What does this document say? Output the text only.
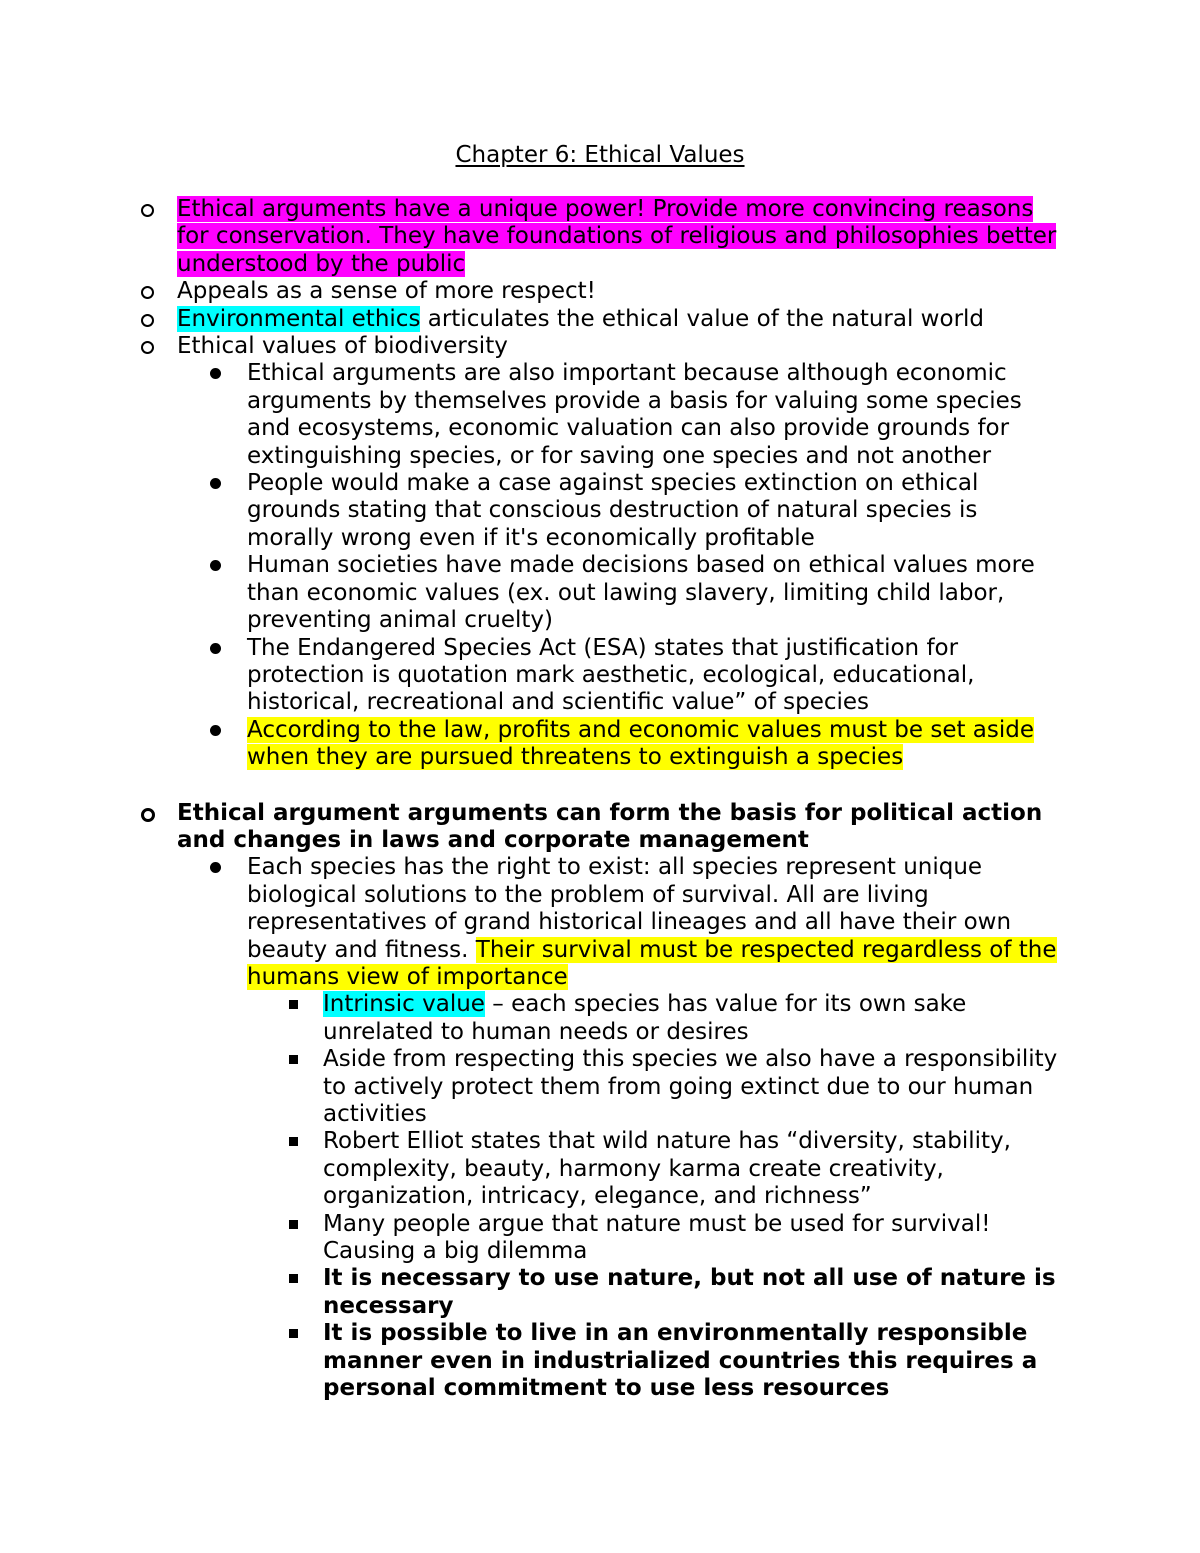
Chapter 6: Ethical Values
Ethical arguments have a unique power! Provide more convincing reasons for conservation. They have foundations of religious and philosophies better understood by the public
Appeals as a sense of more respect!
Environmental ethics articulates the ethical value of the natural world
Ethical values of biodiversity
Ethical arguments are also important because although economic arguments by themselves provide a basis for valuing some species and ecosystems, economic valuation can also provide grounds for extinguishing species, or for saving one species and not another
People would make a case against species extinction on ethical grounds stating that conscious destruction of natural species is morally wrong even if it's economically profitable
Human societies have made decisions based on ethical values more than economic values (ex. out lawing slavery, limiting child labor, preventing animal cruelty)
The Endangered Species Act (ESA) states that justification for protection is quotation mark aesthetic, ecological, educational, historical, recreational and scientific value” of species
According to the law, profits and economic values must be set aside when they are pursued threatens to extinguish a species
Ethical argument arguments can form the basis for political action and changes in laws and corporate management
Each species has the right to exist: all species represent unique biological solutions to the problem of survival. All are living representatives of grand historical lineages and all have their own beauty and fitness. Their survival must be respected regardless of the humans view of importance
Intrinsic value – each species has value for its own sake unrelated to human needs or desires
Aside from respecting this species we also have a responsibility to actively protect them from going extinct due to our human activities
Robert Elliot states that wild nature has “diversity, stability, complexity, beauty, harmony karma create creativity, organization, intricacy, elegance, and richness”
Many people argue that nature must be used for survival! Causing a big dilemma
It is necessary to use nature, but not all use of nature is necessary
It is possible to live in an environmentally responsible manner even in industrialized countries this requires a personal commitment to use less resources
